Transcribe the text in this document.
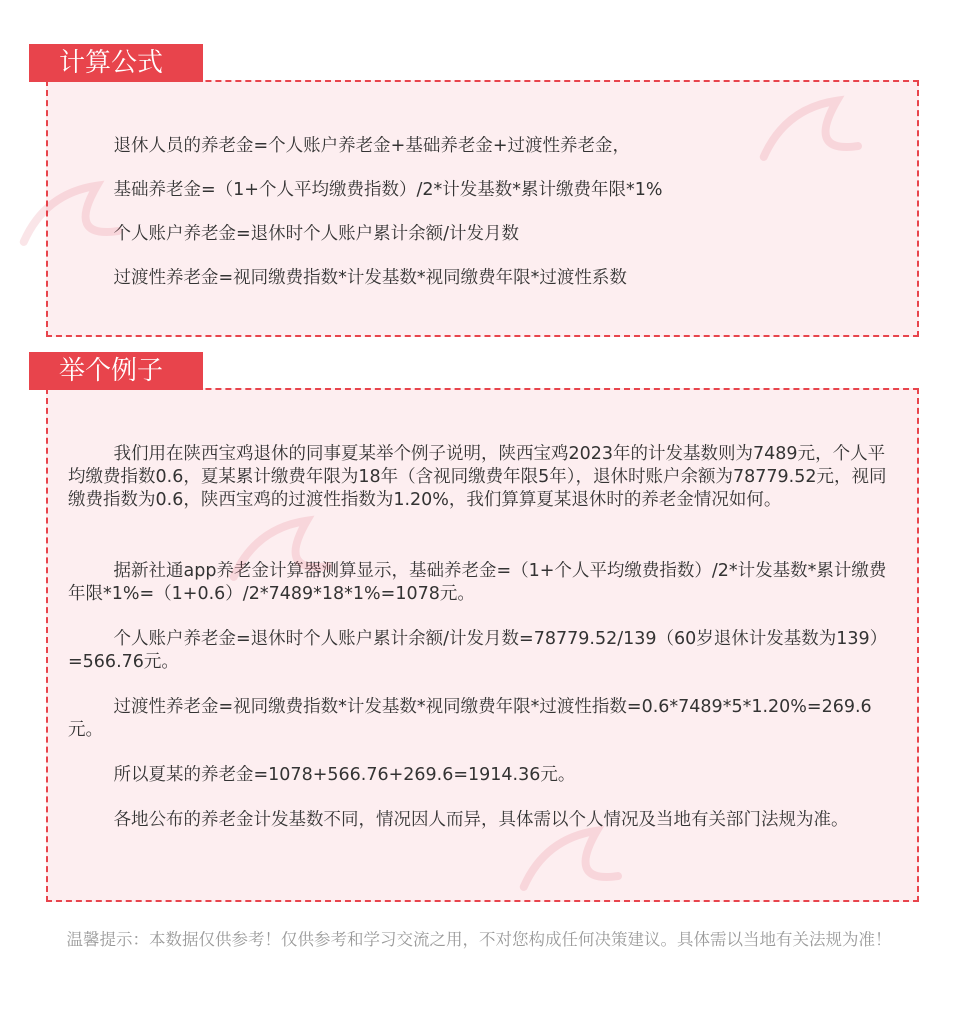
计算公式

退休人员的养老金=个人账户养老金+基础养老金+过渡性养老金，

基础养老金=（1+个人平均缴费指数）/2*计发基数*累计缴费年限*1%

个人账户养老金=退休时个人账户累计余额/计发月数

过渡性养老金=视同缴费指数*计发基数*视同缴费年限*过渡性系数

举个例子

我们用在陕西宝鸡退休的同事夏某举个例子说明，陕西宝鸡2023年的计发基数则为7489元，个人平均缴费指数0.6，夏某累计缴费年限为18年（含视同缴费年限5年），退休时账户余额为78779.52元，视同缴费指数为0.6，陕西宝鸡的过渡性指数为1.20%，我们算算夏某退休时的养老金情况如何。

据新社通app养老金计算器测算显示，基础养老金=（1+个人平均缴费指数）/2*计发基数*累计缴费年限*1%=（1+0.6）/2*7489*18*1%=1078元。

个人账户养老金=退休时个人账户累计余额/计发月数=78779.52/139（60岁退休计发基数为139）=566.76元。

过渡性养老金=视同缴费指数*计发基数*视同缴费年限*过渡性指数=0.6*7489*5*1.20%=269.6元。

所以夏某的养老金=1078+566.76+269.6=1914.36元。

各地公布的养老金计发基数不同，情况因人而异，具体需以个人情况及当地有关部门法规为准。

温馨提示：本数据仅供参考！仅供参考和学习交流之用，不对您构成任何决策建议。具体需以当地有关法规为准！
